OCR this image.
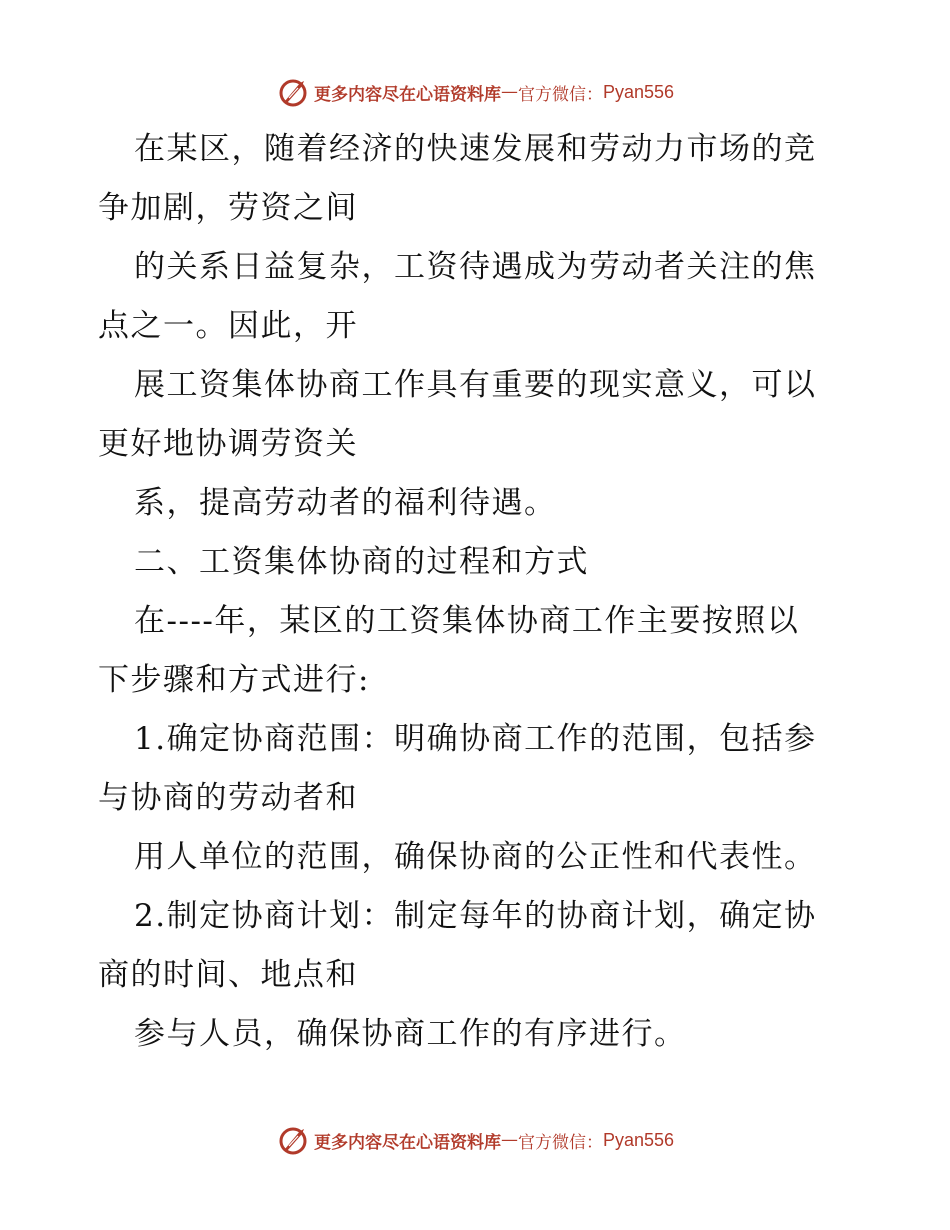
更多内容尽在心语资料库 — 官方微信： Pyan556
在某区，随着经济的快速发展和劳动力市场的竞
争加剧，劳资之间
的关系日益复杂，工资待遇成为劳动者关注的焦
点之一。因此，开
展工资集体协商工作具有重要的现实意义，可以
更好地协调劳资关
系，提高劳动者的福利待遇。
二、工资集体协商的过程和方式
在----年，某区的工资集体协商工作主要按照以
下步骤和方式进行:
1.确定协商范围：明确协商工作的范围，包括参
与协商的劳动者和
用人单位的范围，确保协商的公正性和代表性。
2.制定协商计划：制定每年的协商计划，确定协
商的时间、地点和
参与人员，确保协商工作的有序进行。
更多内容尽在心语资料库 — 官方微信： Pyan556
